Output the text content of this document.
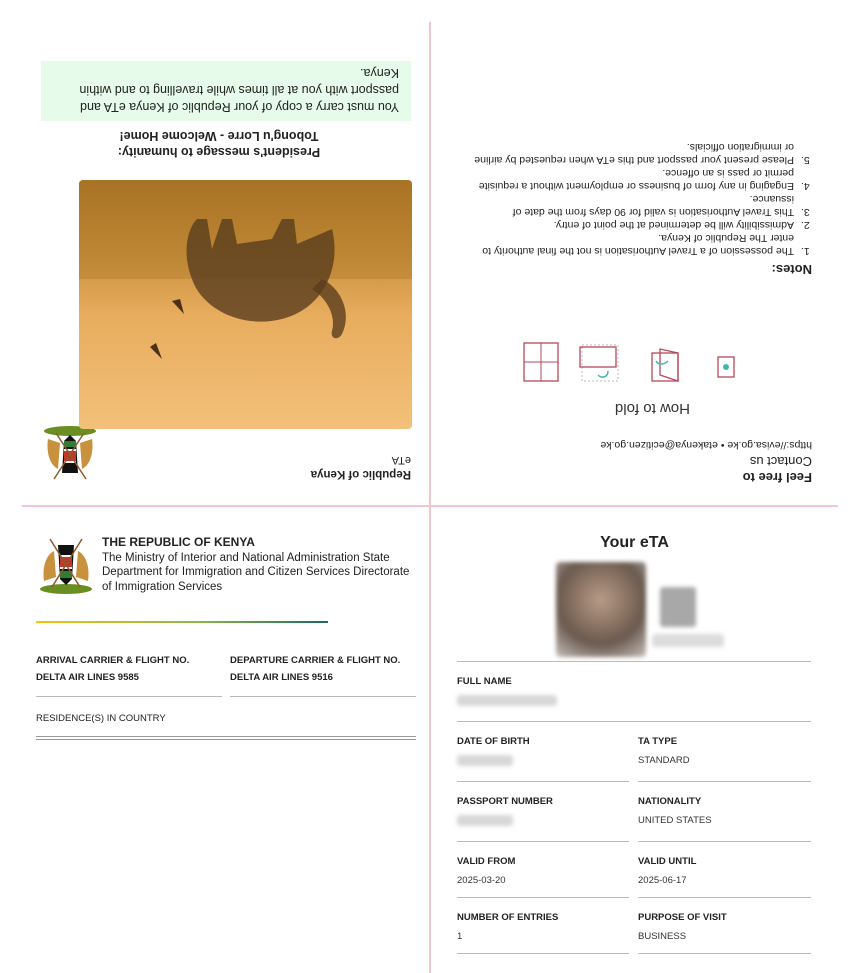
Republic of Kenya
eTA
President's message to humanity:
Tobong'u Lorre - Welcome Home!
You must carry a copy of your Republic of Kenya eTA and passport with you at all times while travelling to and within Kenya.
Feel free to
Contact us
https://evisa.go.ke • etakenya@ecitizen.go.ke
How to fold
Notes:
1. The possession of a Travel Authorisation is not the final authority to enter The Republic of Kenya.
2. Admissibility will be determined at the point of entry.
3. This Travel Authorisation is valid for 90 days from the date of issuance.
4. Engaging in any form of business or employment without a requisite permit or pass is an offence.
5. Please present your passport and this eTA when requested by airline or immigration officials.
THE REPUBLIC OF KENYA
The Ministry of Interior and National Administration State Department for Immigration and Citizen Services Directorate of Immigration Services
ARRIVAL CARRIER & FLIGHT NO.
DELTA AIR LINES 9585
DEPARTURE CARRIER & FLIGHT NO.
DELTA AIR LINES 9516
RESIDENCE(S) IN COUNTRY
Your eTA
FULL NAME
DATE OF BIRTH	TA TYPE
STANDARD
PASSPORT NUMBER	NATIONALITY
UNITED STATES
VALID FROM
2025-03-20
VALID UNTIL
2025-06-17
NUMBER OF ENTRIES
1
PURPOSE OF VISIT
BUSINESS
